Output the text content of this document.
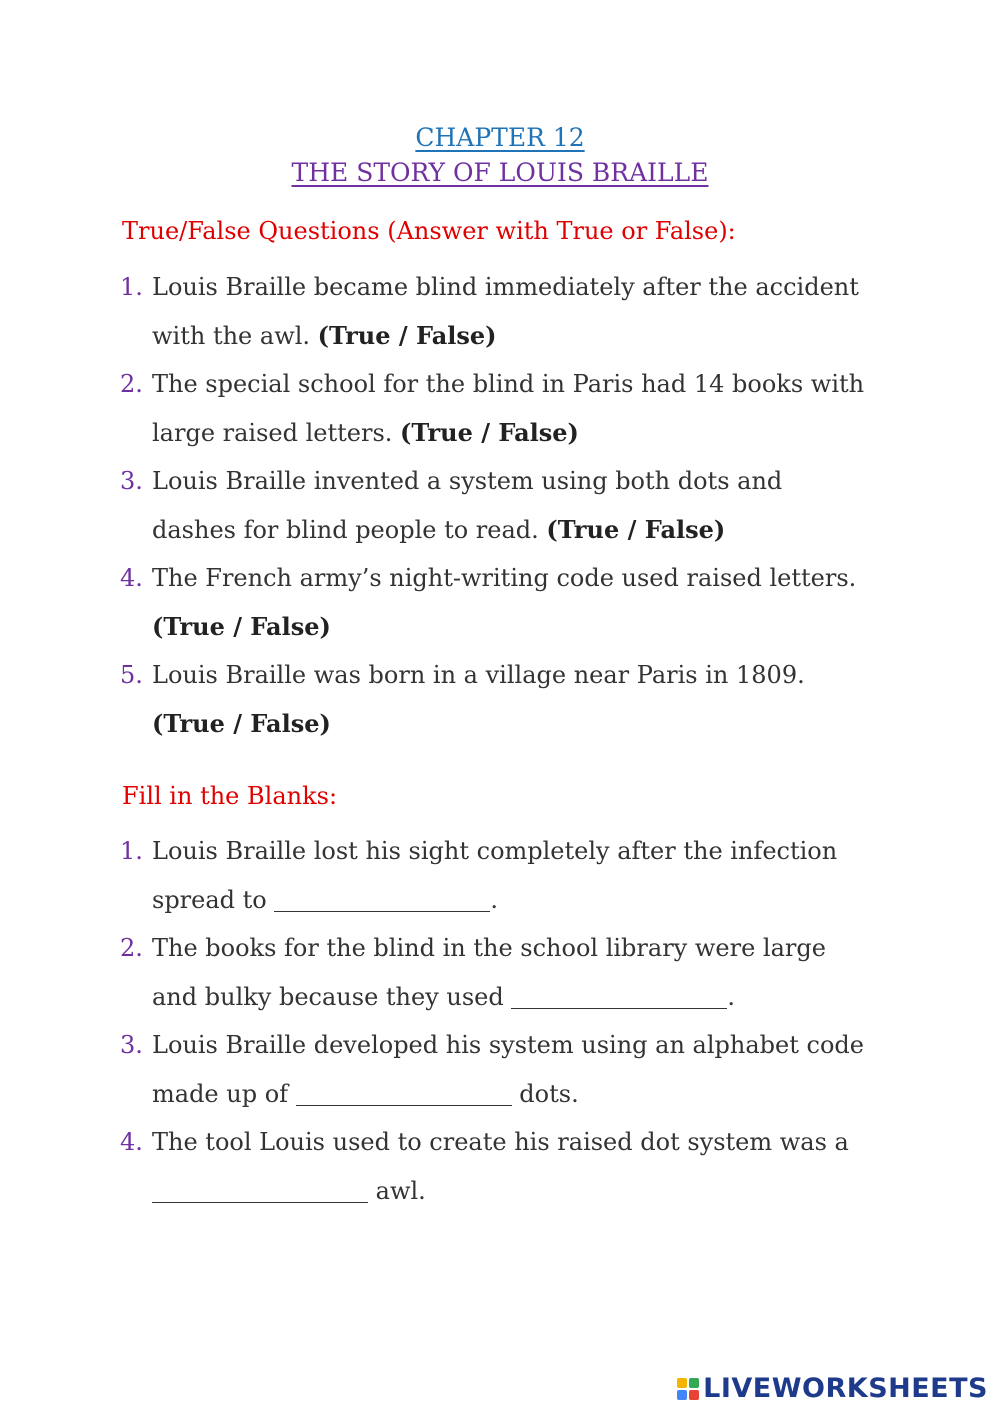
CHAPTER 12
THE STORY OF LOUIS BRAILLE
True/False Questions (Answer with True or False):
1. Louis Braille became blind immediately after the accident
with the awl. (True / False)
2. The special school for the blind in Paris had 14 books with
large raised letters. (True / False)
3. Louis Braille invented a system using both dots and
dashes for blind people to read. (True / False)
4. The French army’s night-writing code used raised letters.
(True / False)
5. Louis Braille was born in a village near Paris in 1809.
(True / False)
Fill in the Blanks:
1. Louis Braille lost his sight completely after the infection
spread to	.
2. The books for the blind in the school library were large
and bulky because they used	.
3. Louis Braille developed his system using an alphabet code
made up of	dots.
4. The tool Louis used to create his raised dot system was a
awl.
LIVEWORKSHEETS
